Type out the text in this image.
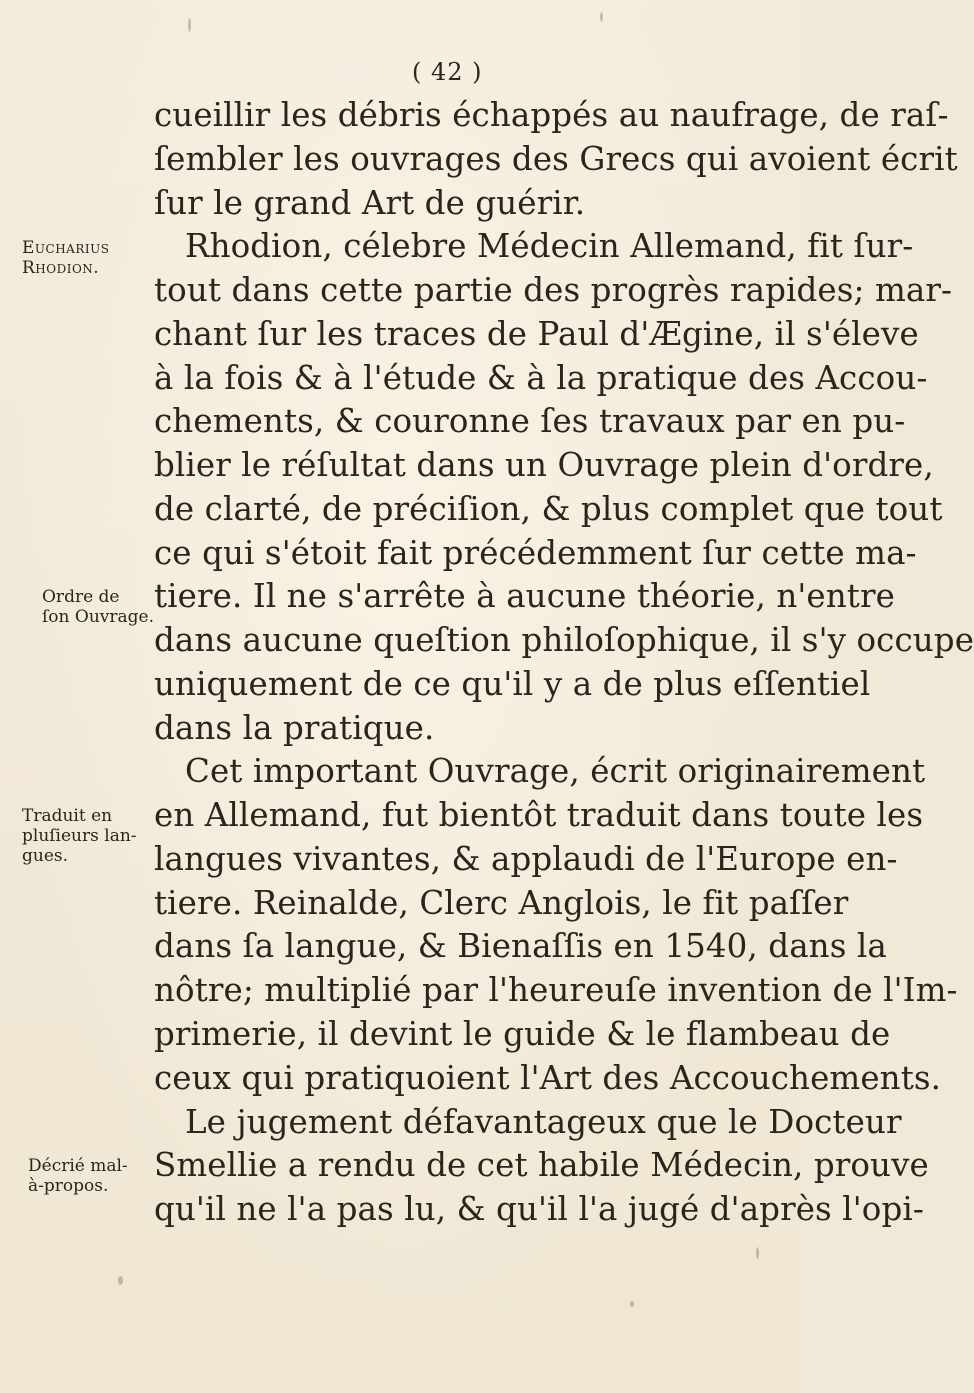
( 42 )
cueillir les débris échappés au naufrage, de raſ-
ſembler les ouvrages des Grecs qui avoient écrit
ſur le grand Art de guérir.
Rhodion, célebre Médecin Allemand, fit ſur-
tout dans cette partie des progrès rapides; mar-
chant ſur les traces de Paul d'Ægine, il s'éleve
à la fois & à l'étude & à la pratique des Accou-
chements, & couronne ſes travaux par en pu-
blier le réſultat dans un Ouvrage plein d'ordre,
de clarté, de préciſion, & plus complet que tout
ce qui s'étoit fait précédemment ſur cette ma-
tiere. Il ne s'arrête à aucune théorie, n'entre
dans aucune queſtion philoſophique, il s'y occupe
uniquement de ce qu'il y a de plus eſſentiel
dans la pratique.
Cet important Ouvrage, écrit originairement
en Allemand, fut bientôt traduit dans toute les
langues vivantes, & applaudi de l'Europe en-
tiere. Reinalde, Clerc Anglois, le fit paſſer
dans ſa langue, & Bienaſſis en 1540, dans la
nôtre; multiplié par l'heureuſe invention de l'Im-
primerie, il devint le guide & le flambeau de
ceux qui pratiquoient l'Art des Accouchements.
Le jugement défavantageux que le Docteur
Smellie a rendu de cet habile Médecin, prouve
qu'il ne l'a pas lu, & qu'il l'a jugé d'après l'opi-
Eucharius
Rhodion.
Ordre de
ſon Ouvrage.
Traduit en
pluſieurs lan-
gues.
Décrié mal-
à-propos.
